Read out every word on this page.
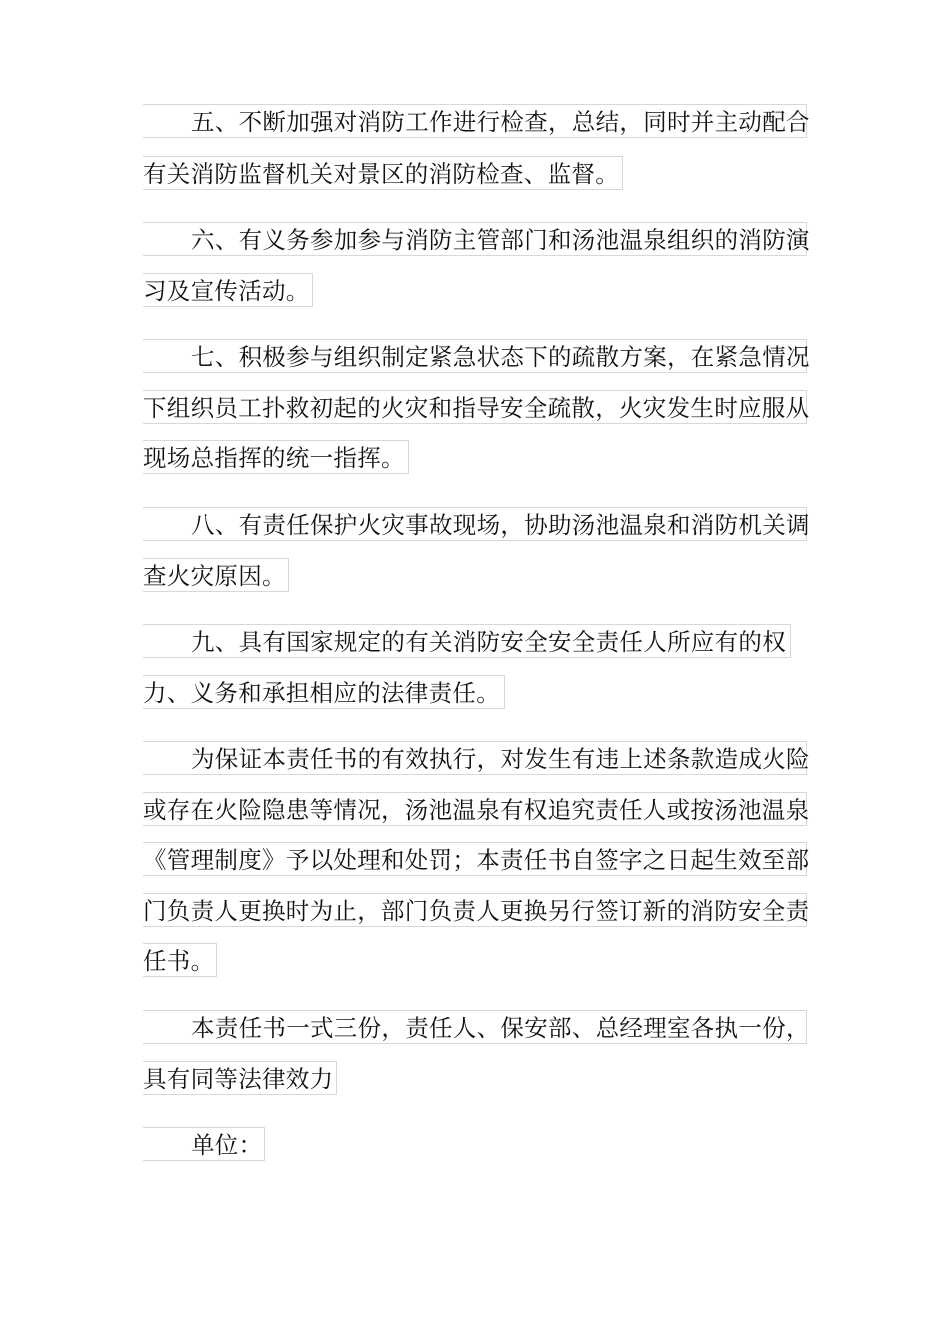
五、不断加强对消防工作进行检查，总结，同时并主动配合
有关消防监督机关对景区的消防检查、监督。
六、有义务参加参与消防主管部门和汤池温泉组织的消防演
习及宣传活动。
七、积极参与组织制定紧急状态下的疏散方案，在紧急情况
下组织员工扑救初起的火灾和指导安全疏散，火灾发生时应服从
现场总指挥的统一指挥。
八、有责任保护火灾事故现场，协助汤池温泉和消防机关调
查火灾原因。
九、具有国家规定的有关消防安全安全责任人所应有的权
力、义务和承担相应的法律责任。
为保证本责任书的有效执行，对发生有违上述条款造成火险
或存在火险隐患等情况，汤池温泉有权追究责任人或按汤池温泉
《管理制度》予以处理和处罚；本责任书自签字之日起生效至部
门负责人更换时为止，部门负责人更换另行签订新的消防安全责
任书。
本责任书一式三份，责任人、保安部、总经理室各执一份，
具有同等法律效力
单位：
